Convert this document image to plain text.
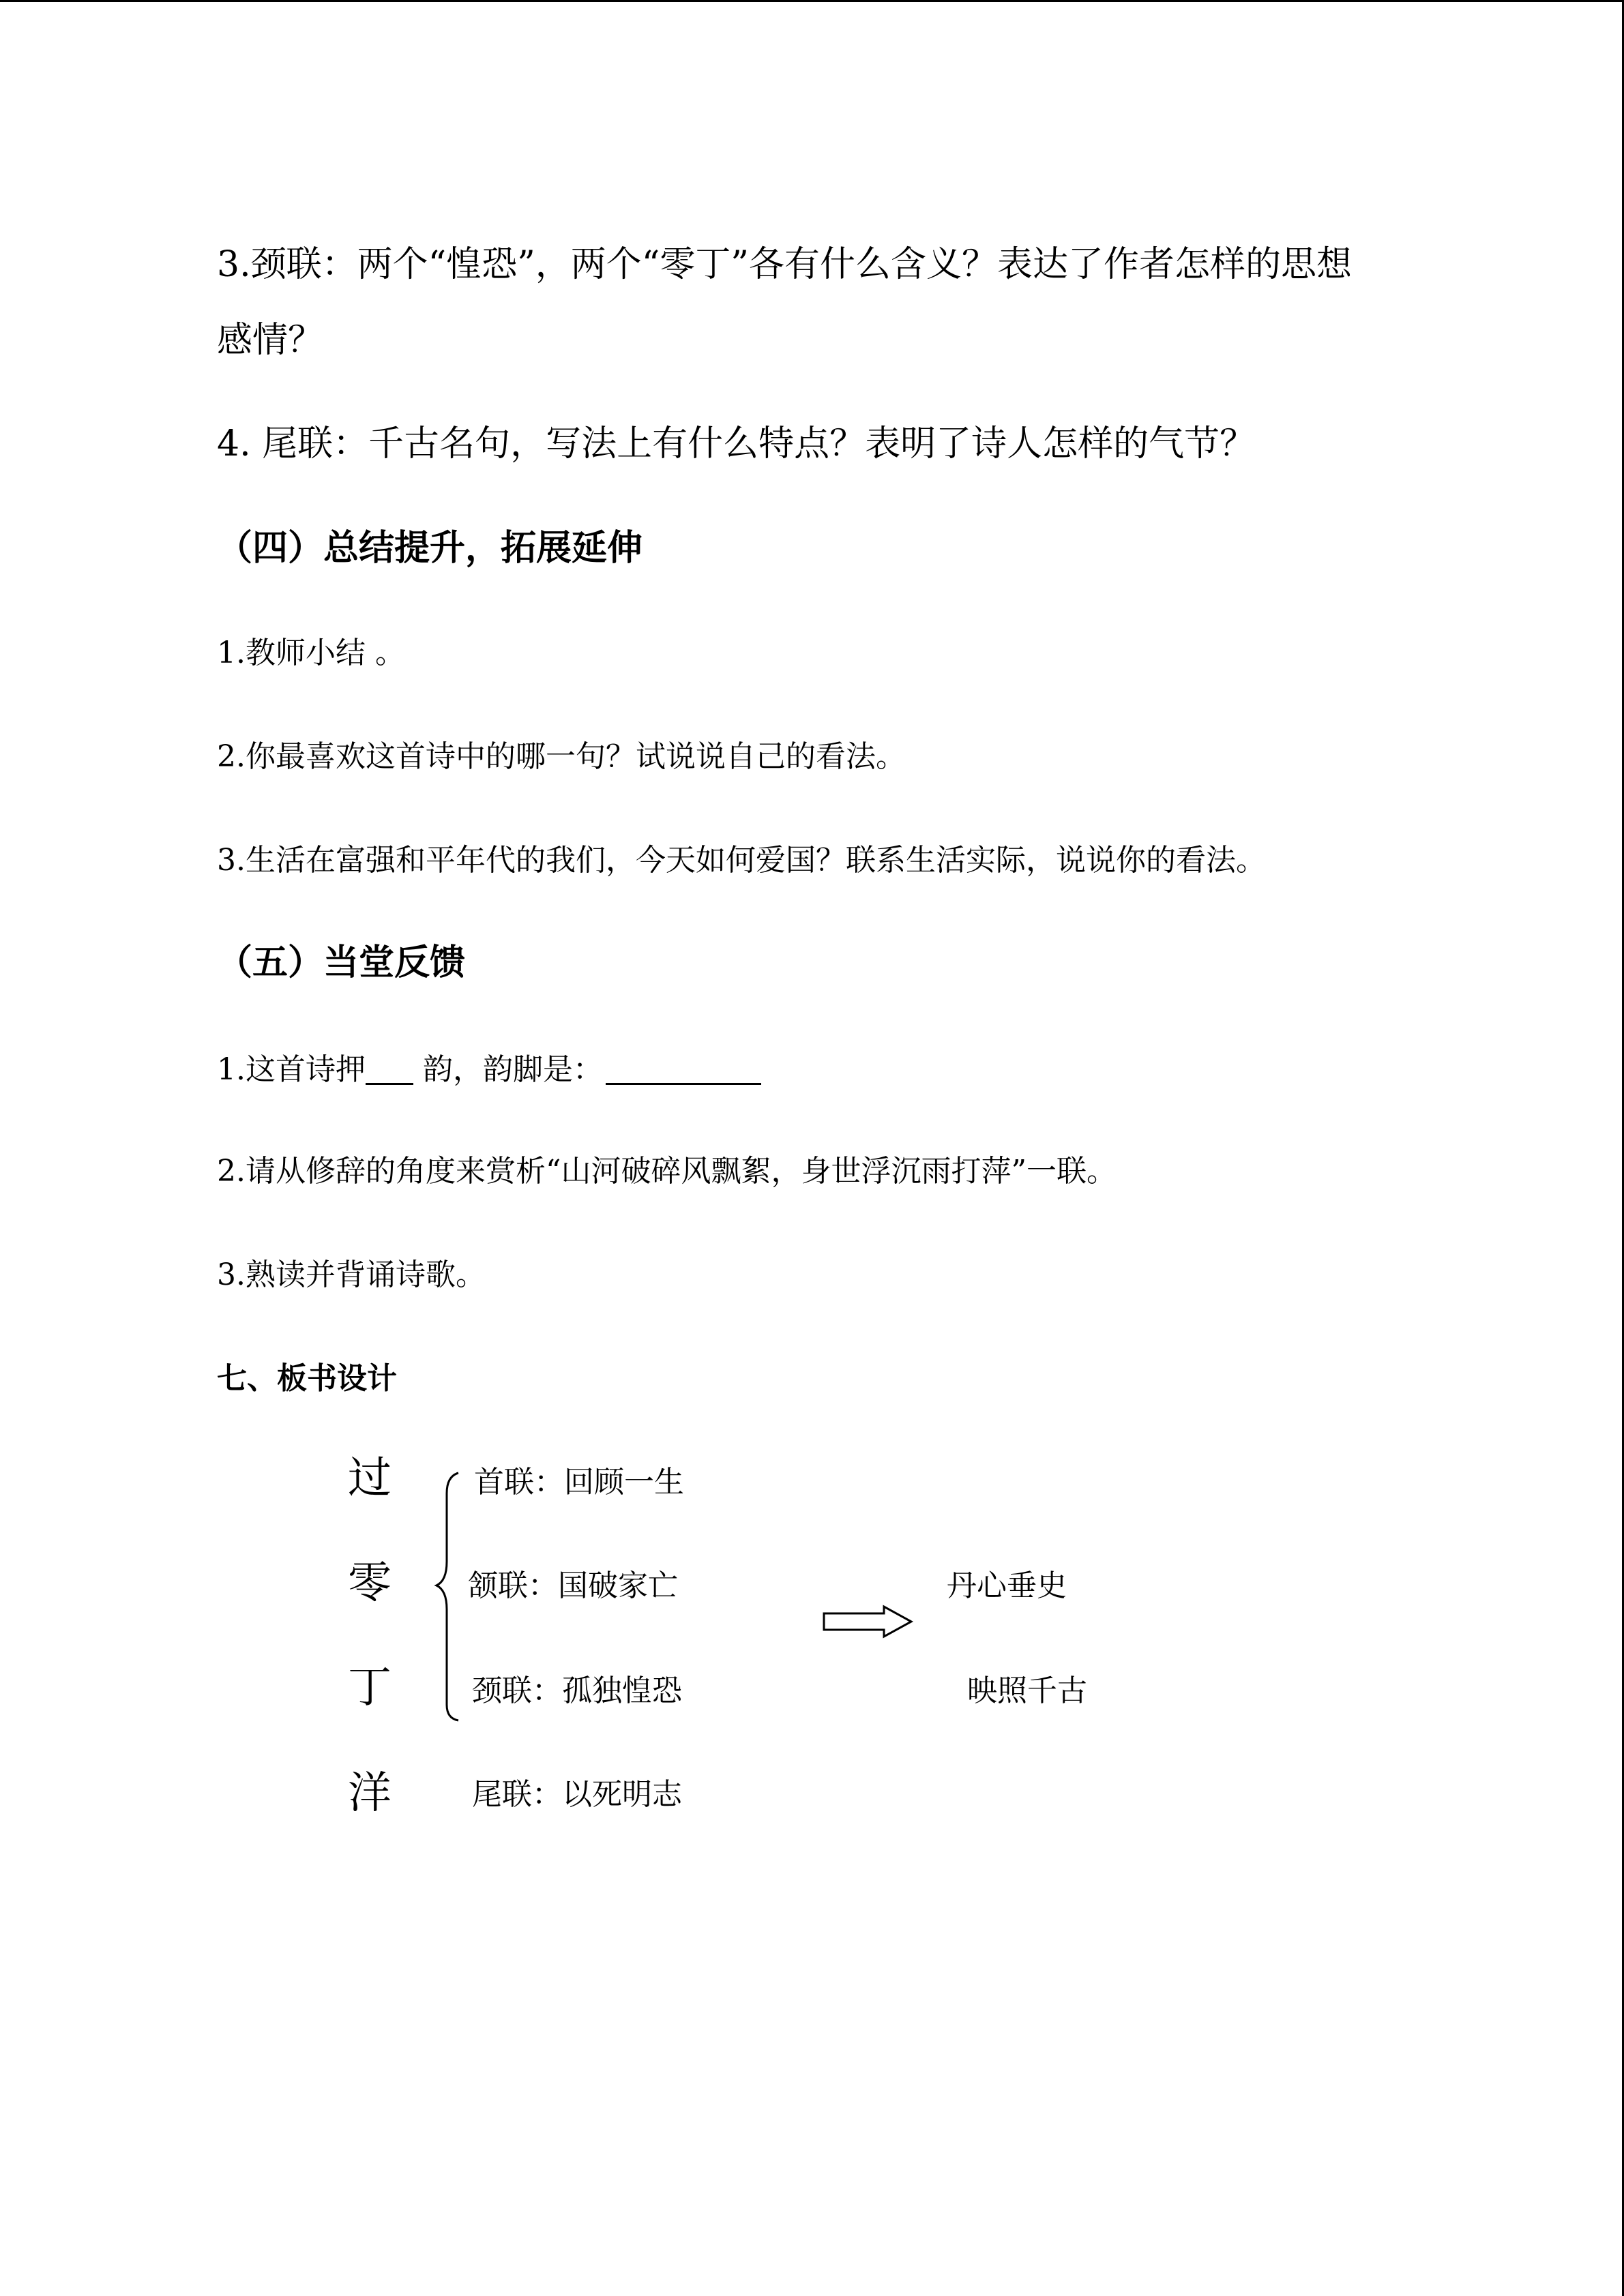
3.颈联：两个“惶恐”，两个“零丁”各有什么含义？表达了作者怎样的思想
感情？
4. 尾联：千古名句，写法上有什么特点？表明了诗人怎样的气节？
（四）总结提升，拓展延伸
1.教师小结 。
2.你最喜欢这首诗中的哪一句？试说说自己的看法。
3.生活在富强和平年代的我们，今天如何爱国？联系生活实际，说说你的看法。
（五）当堂反馈
1.这首诗押 韵，韵脚是：
2.请从修辞的角度来赏析“山河破碎风飘絮，身世浮沉雨打萍”一联。
3.熟读并背诵诗歌。
七、板书设计
过
零
丁
洋
首联：回顾一生
颔联：国破家亡
颈联：孤独惶恐
尾联：以死明志
丹心垂史
映照千古
